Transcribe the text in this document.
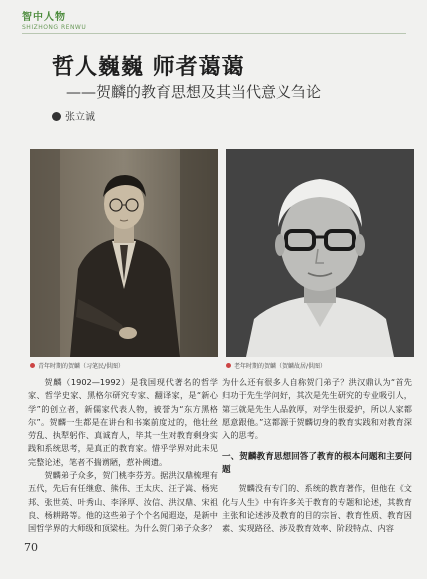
智中人物
SHIZHONG RENWU
哲人巍巍 师者蔼蔼
——贺麟的教育思想及其当代意义刍论
张立诚
青年时期的贺麟（习笔民/供图）	老年时期的贺麟（贺麟故居/供图）

贺麟（1902—1992）是我国现代著名的哲学家、哲学史家、黑格尔研究专家、翻译家，是“新心学”的创立者，新儒家代表人物，被誉为“东方黑格尔”。贺麟一生都是在讲台和书案前度过的，他壮丝劳乱、执犁躬作、真诚育人，毕其一生对教育剩身实践和系统思考，是真正的教育家。惜乎学界对此未见完整论述，笔者不揣谫陋，惹补阙遗。

贺麟弟子众多，贺门桃李芬芳。据洪汉鼎梳理有五代，先后有任继愈、熊伟、王太庆、汪子嵩、杨宪邦、张世英、叶秀山、李泽厚、汝信、洪汉鼎、宋祖良、杨耕路等。他的这些弟子个个名闻遐迩，是新中国哲学界的大师级和顶梁柱。为什么贺门弟子众多？

为什么还有很多人自称贺门弟子？洪汉鼎认为“首先归功于先生学问好，其次是先生研究的专业吸引人，第三就是先生人品敦厚，对学生很爱护，所以人家都愿意跟他。”这都源于贺麟切身的教育实践和对教育深入的思考。

一、贺麟教育思想回答了教育的根本问题和主要问题

贺麟没有专门的、系统的教育著作，但他在《文化与人生》中有许多关于教育的专题和论述，其教育主张和论述涉及教育的目的宗旨、教育性质、教育因素、实现路径、涉及教育效率、阶段特点、内容

70
